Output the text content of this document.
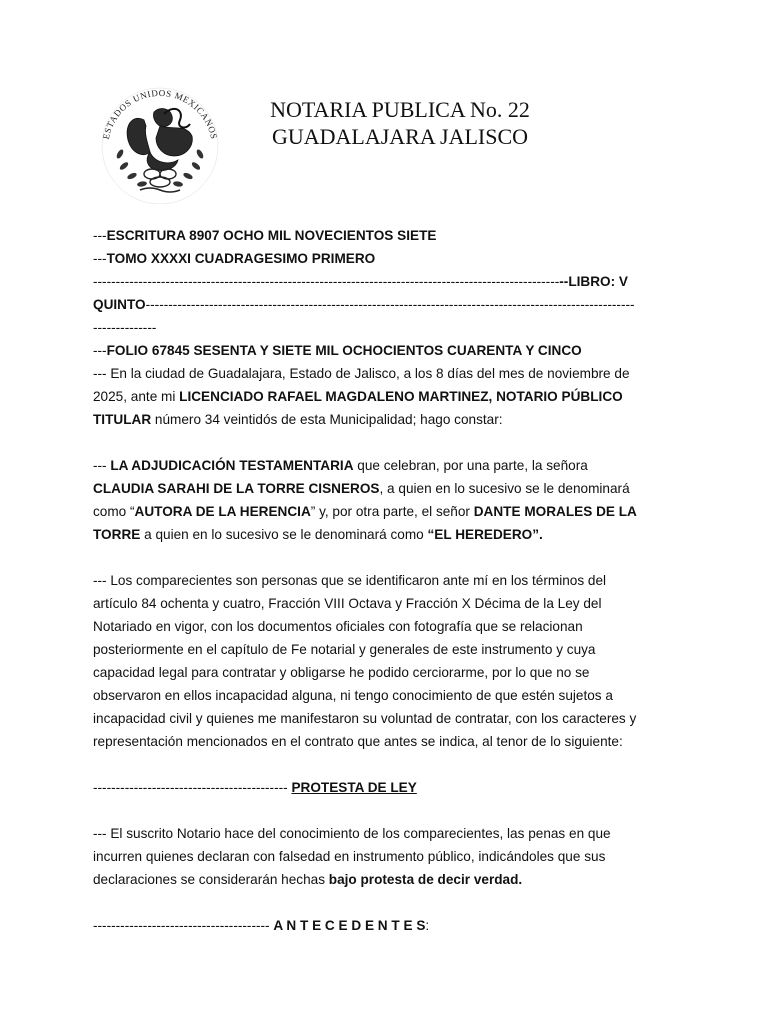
ESTADOS UNIDOS MEXICANOS
NOTARIA PUBLICA No. 22
GUADALAJARA JALISCO

---ESCRITURA 8907 OCHO MIL NOVECIENTOS SIETE

---TOMO XXXXI CUADRAGESIMO PRIMERO

---------------------------------------------------------------------------------------------------------LIBRO: V

QUINTO------------------------------------------------------------------------------------------------------------

--------------

---FOLIO 67845 SESENTA Y SIETE MIL OCHOCIENTOS CUARENTA Y CINCO

--- En la ciudad de Guadalajara, Estado de Jalisco, a los 8 días del mes de noviembre de

2025, ante mi LICENCIADO RAFAEL MAGDALENO MARTINEZ, NOTARIO PÚBLICO

TITULAR número 34 veintidós de esta Municipalidad; hago constar:

--- LA ADJUDICACIÓN TESTAMENTARIA que celebran, por una parte, la señora

CLAUDIA SARAHI DE LA TORRE CISNEROS, a quien en lo sucesivo se le denominará

como “AUTORA DE LA HERENCIA” y, por otra parte, el señor DANTE MORALES DE LA

TORRE a quien en lo sucesivo se le denominará como “EL HEREDERO”.

--- Los comparecientes son personas que se identificaron ante mí en los términos del

artículo 84 ochenta y cuatro, Fracción VIII Octava y Fracción X Décima de la Ley del

Notariado en vigor, con los documentos oficiales con fotografía que se relacionan

posteriormente en el capítulo de Fe notarial y generales de este instrumento y cuya

capacidad legal para contratar y obligarse he podido cerciorarme, por lo que no se

observaron en ellos incapacidad alguna, ni tengo conocimiento de que estén sujetos a

incapacidad civil y quienes me manifestaron su voluntad de contratar, con los caracteres y

representación mencionados en el contrato que antes se indica, al tenor de lo siguiente:

------------------------------------------- PROTESTA DE LEY

--- El suscrito Notario hace del conocimiento de los comparecientes, las penas en que

incurren quienes declaran con falsedad en instrumento público, indicándoles que sus

declaraciones se considerarán hechas bajo protesta de decir verdad.

--------------------------------------- A N T E C E D E N T E S:
